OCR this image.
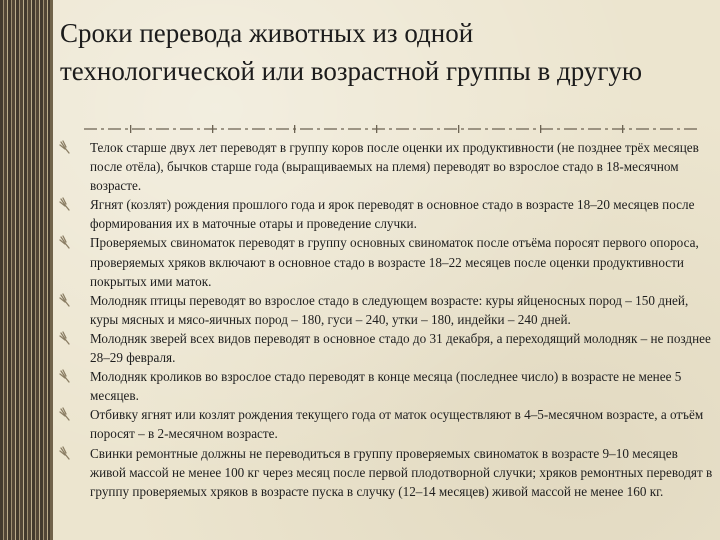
Сроки перевода животных из одной
технологической или возрастной группы в другую
Телок старше двух лет переводят в группу коров после оценки их продуктивности (не позднее трёх месяцев после отёла), бычков старше года (выращиваемых на племя) переводят во взрослое стадо в 18-месячном возрасте.
Ягнят (козлят) рождения прошлого года и ярок переводят в основное стадо в возрасте 18–20 месяцев после формирования их в маточные отары и проведение случки.
Проверяемых свиноматок переводят в группу основных свиноматок после отъёма поросят первого опороса, проверяемых хряков включают в основное стадо в возрасте 18–22 месяцев после оценки продуктивности покрытых ими маток.
Молодняк птицы переводят во взрослое стадо в следующем возрасте: куры яйценосных пород – 150 дней, куры мясных и мясо-яичных пород – 180, гуси – 240, утки – 180, индейки – 240 дней.
Молодняк зверей всех видов переводят в основное стадо до 31 декабря, а переходящий молодняк – не позднее 28–29 февраля.
Молодняк кроликов во взрослое стадо переводят в конце месяца (последнее число) в возрасте не менее 5 месяцев.
Отбивку ягнят или козлят рождения текущего года от маток осуществляют в 4–5-месячном возрасте, а отъём поросят – в 2-месячном возрасте.
Свинки ремонтные должны не переводиться в группу проверяемых свиноматок в возрасте 9–10 месяцев живой массой не менее 100 кг через месяц после первой плодотворной случки; хряков ремонтных переводят в группу проверяемых хряков в возрасте пуска в случку (12–14 месяцев) живой массой не менее 160 кг.
